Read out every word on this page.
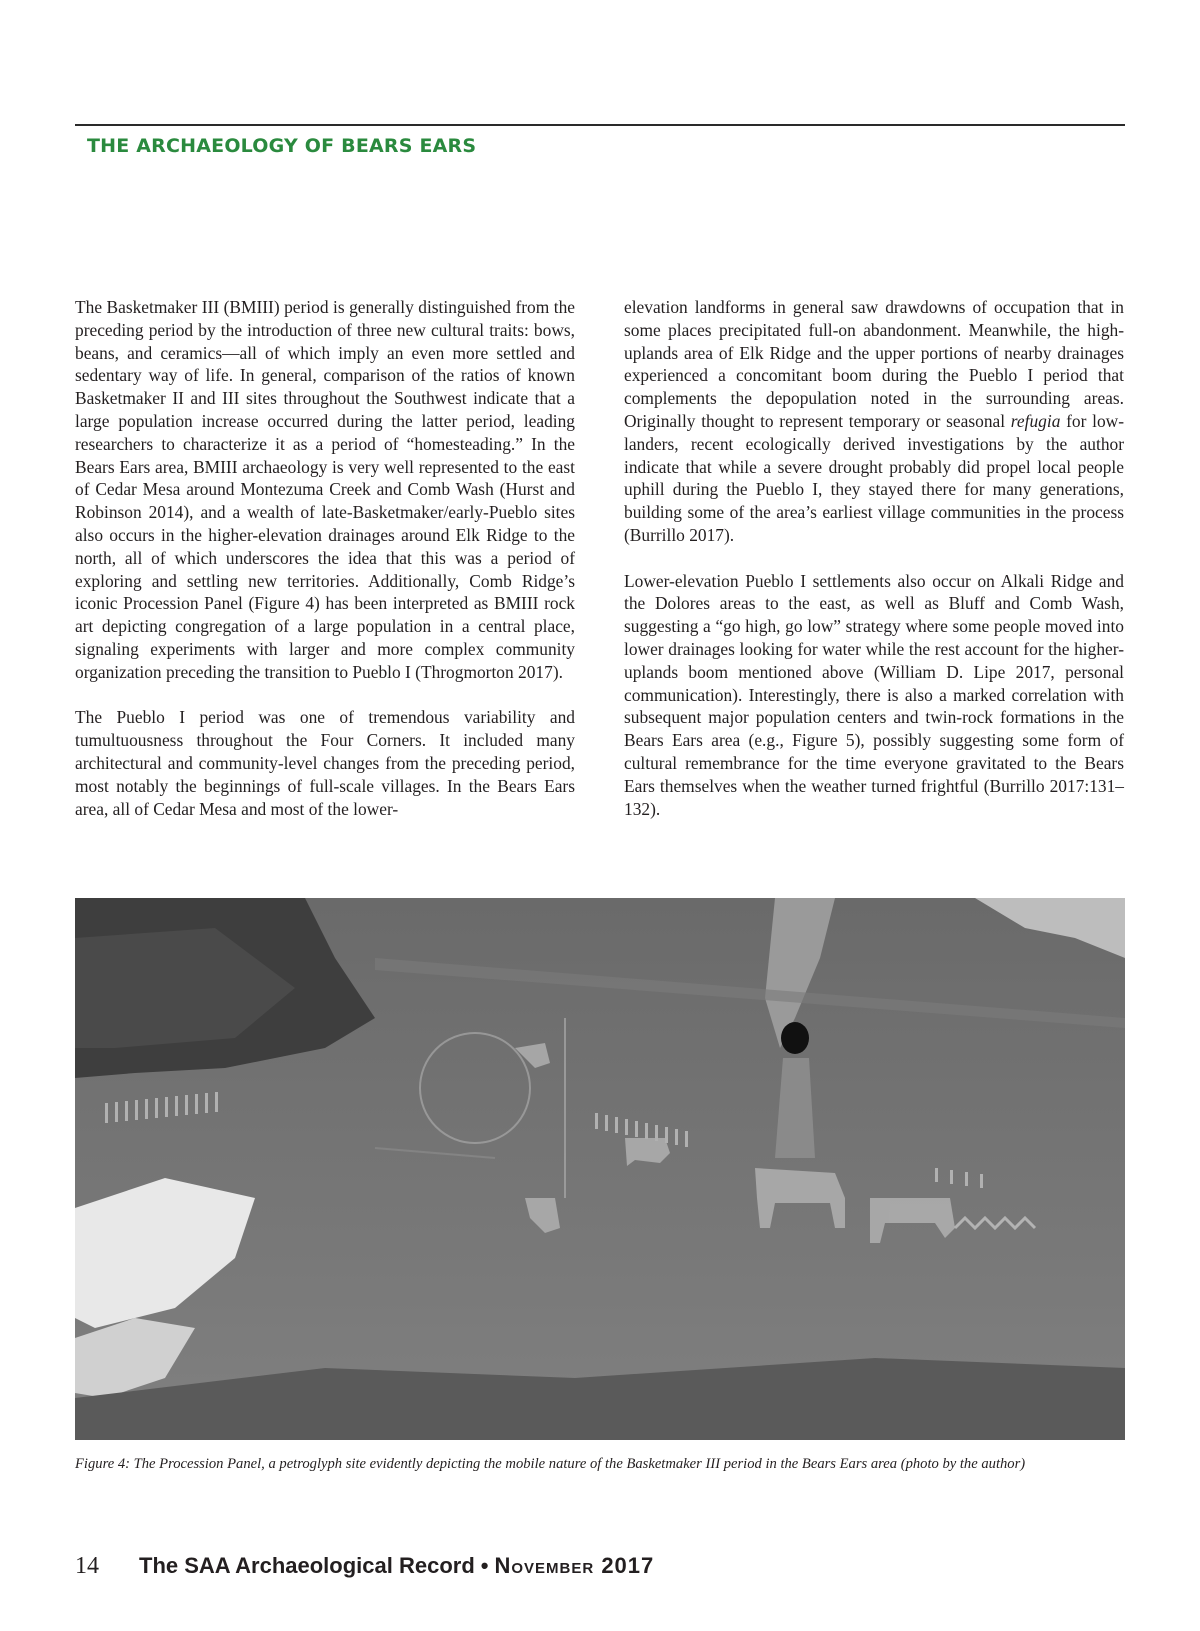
THE ARCHAEOLOGY OF BEARS EARS

The Basketmaker III (BMIII) period is generally distinguished from the preceding period by the introduction of three new cultural traits: bows, beans, and ceramics—all of which imply an even more settled and sedentary way of life. In general, comparison of the ratios of known Basketmaker II and III sites throughout the Southwest indicate that a large population increase occurred during the latter period, leading researchers to characterize it as a period of “homesteading.” In the Bears Ears area, BMIII archaeology is very well represented to the east of Cedar Mesa around Montezuma Creek and Comb Wash (Hurst and Robinson 2014), and a wealth of late-Basketmaker/early-Pueblo sites also occurs in the higher-elevation drainages around Elk Ridge to the north, all of which underscores the idea that this was a period of exploring and settling new territories. Additionally, Comb Ridge’s iconic Procession Panel (Figure 4) has been interpreted as BMIII rock art depicting congregation of a large population in a central place, signaling experiments with larger and more complex community organization preceding the transition to Pueblo I (Throgmorton 2017).

The Pueblo I period was one of tremendous variability and tumultuousness throughout the Four Corners. It included many architectural and community-level changes from the preceding period, most notably the beginnings of full-scale villages. In the Bears Ears area, all of Cedar Mesa and most of the lower-

elevation landforms in general saw drawdowns of occupation that in some places precipitated full-on abandonment. Meanwhile, the high-uplands area of Elk Ridge and the upper portions of nearby drainages experienced a concomitant boom during the Pueblo I period that complements the depopulation noted in the surrounding areas. Originally thought to represent temporary or seasonal refugia for low-landers, recent ecologically derived investigations by the author indicate that while a severe drought probably did propel local people uphill during the Pueblo I, they stayed there for many generations, building some of the area’s earliest village communities in the process (Burrillo 2017).

Lower-elevation Pueblo I settlements also occur on Alkali Ridge and the Dolores areas to the east, as well as Bluff and Comb Wash, suggesting a “go high, go low” strategy where some people moved into lower drainages looking for water while the rest account for the higher-uplands boom mentioned above (William D. Lipe 2017, personal communication). Interestingly, there is also a marked correlation with subsequent major population centers and twin-rock formations in the Bears Ears area (e.g., Figure 5), possibly suggesting some form of cultural remembrance for the time everyone gravitated to the Bears Ears themselves when the weather turned frightful (Burrillo 2017:131–132).

Figure 4: The Procession Panel, a petroglyph site evidently depicting the mobile nature of the Basketmaker III period in the Bears Ears area (photo by the author)
14 The SAA Archaeological Record • November 2017
